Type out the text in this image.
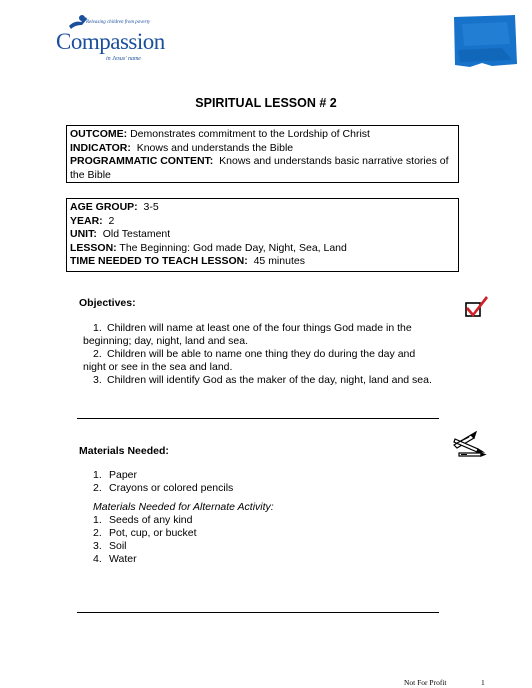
Releasing children from poverty
Compassion
in Jesus' name
SPIRITUAL LESSON # 2
OUTCOME: Demonstrates commitment to the Lordship of Christ
INDICATOR: Knows and understands the Bible
PROGRAMMATIC CONTENT: Knows and understands basic narrative stories of
the Bible
AGE GROUP: 3-5
YEAR: 2
UNIT: Old Testament
LESSON: The Beginning: God made Day, Night, Sea, Land
TIME NEEDED TO TEACH LESSON: 45 minutes
Objectives:
1. Children will name at least one of the four things God made in the
beginning; day, night, land and sea.
2. Children will be able to name one thing they do during the day and
night or see in the sea and land.
3. Children will identify God as the maker of the day, night, land and sea.
Materials Needed:
1. Paper
2. Crayons or colored pencils
Materials Needed for Alternate Activity:
1. Seeds of any kind
2. Pot, cup, or bucket
3. Soil
4. Water
Not For Profit	1
